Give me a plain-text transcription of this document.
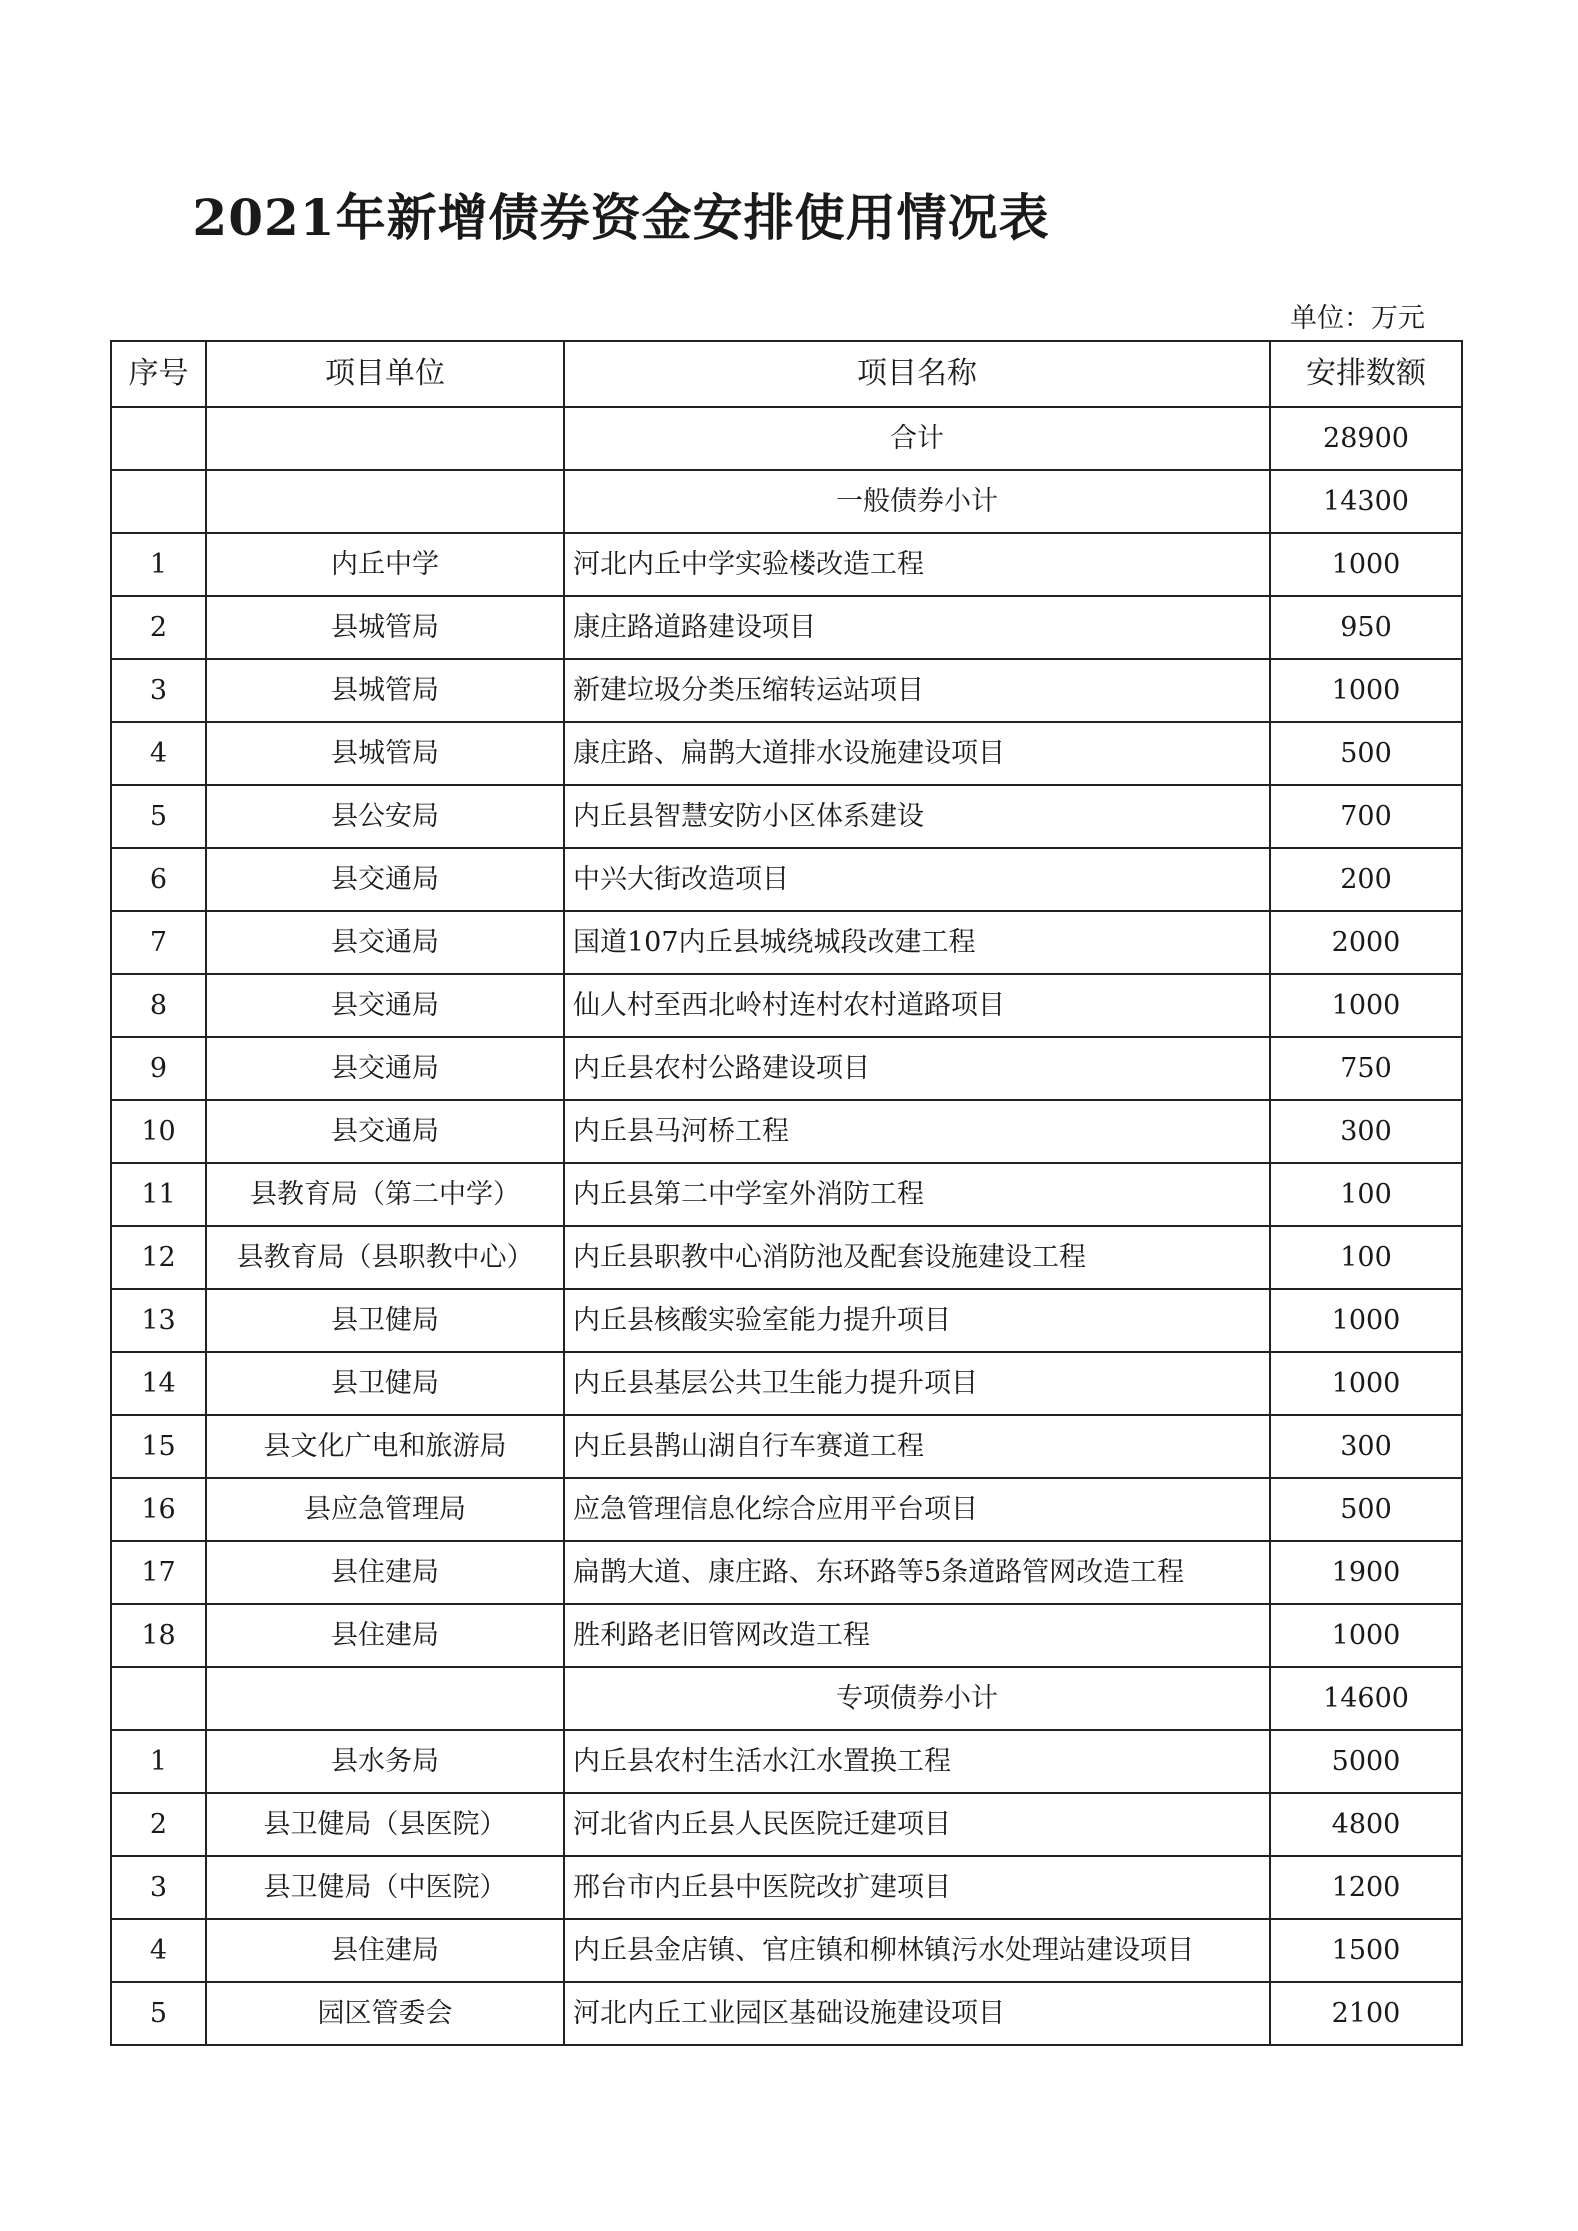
2021年新增债券资金安排使用情况表
单位：万元
序号	项目单位	项目名称	安排数额
		合计	28900
		一般债券小计	14300
1	内丘中学	河北内丘中学实验楼改造工程	1000
2	县城管局	康庄路道路建设项目	950
3	县城管局	新建垃圾分类压缩转运站项目	1000
4	县城管局	康庄路、扁鹊大道排水设施建设项目	500
5	县公安局	内丘县智慧安防小区体系建设	700
6	县交通局	中兴大街改造项目	200
7	县交通局	国道107内丘县城绕城段改建工程	2000
8	县交通局	仙人村至西北岭村连村农村道路项目	1000
9	县交通局	内丘县农村公路建设项目	750
10	县交通局	内丘县马河桥工程	300
11	县教育局（第二中学）	内丘县第二中学室外消防工程	100
12	县教育局（县职教中心）	内丘县职教中心消防池及配套设施建设工程	100
13	县卫健局	内丘县核酸实验室能力提升项目	1000
14	县卫健局	内丘县基层公共卫生能力提升项目	1000
15	县文化广电和旅游局	内丘县鹊山湖自行车赛道工程	300
16	县应急管理局	应急管理信息化综合应用平台项目	500
17	县住建局	扁鹊大道、康庄路、东环路等5条道路管网改造工程	1900
18	县住建局	胜利路老旧管网改造工程	1000
		专项债券小计	14600
1	县水务局	内丘县农村生活水江水置换工程	5000
2	县卫健局（县医院）	河北省内丘县人民医院迁建项目	4800
3	县卫健局（中医院）	邢台市内丘县中医院改扩建项目	1200
4	县住建局	内丘县金店镇、官庄镇和柳林镇污水处理站建设项目	1500
5	园区管委会	河北内丘工业园区基础设施建设项目	2100
